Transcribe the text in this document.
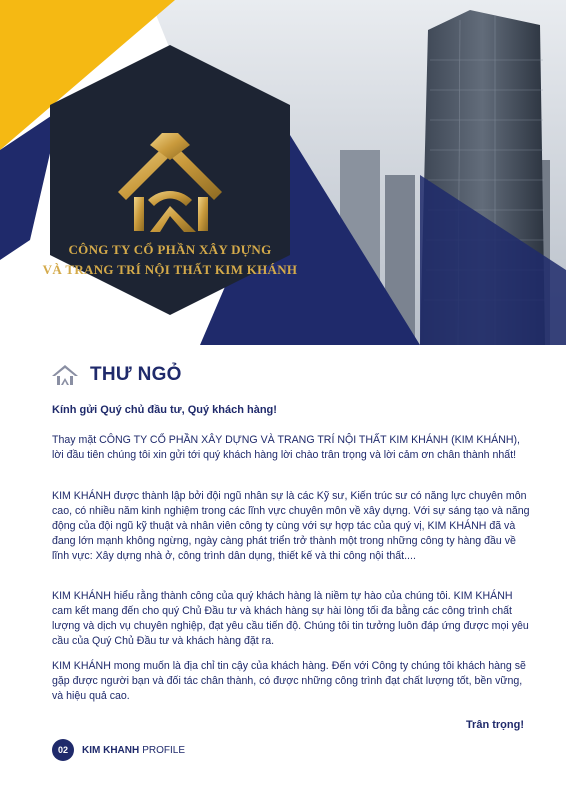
CÔNG TY CỔ PHẦN XÂY DỰNG
VÀ TRANG TRÍ NỘI THẤT KIM KHÁNH
THƯ NGỎ
Kính gửi Quý chủ đầu tư, Quý khách hàng!

Thay mặt CÔNG TY CỔ PHẦN XÂY DỰNG VÀ TRANG TRÍ NỘI THẤT KIM KHÁNH (KIM KHÁNH), lời đầu tiên chúng tôi xin gửi tới quý khách hàng lời chào trân trọng và lời cảm ơn chân thành nhất!

KIM KHÁNH được thành lập bởi đội ngũ nhân sự là các Kỹ sư, Kiến trúc sư có năng lực chuyên môn cao, có nhiều năm kinh nghiệm trong các lĩnh vực chuyên môn về xây dựng. Với sự sáng tạo và năng động của đội ngũ kỹ thuật và nhân viên công ty cùng với sự hợp tác của quý vị, KIM KHÁNH đã và đang lớn mạnh không ngừng, ngày càng phát triển trở thành một trong những công ty hàng đầu về lĩnh vực: Xây dựng nhà ở, công trình dân dụng, thiết kế và thi công nội thất....

KIM KHÁNH hiểu rằng thành công của quý khách hàng là niềm tự hào của chúng tôi. KIM KHÁNH cam kết mang đến cho quý Chủ Đầu tư và khách hàng sự hài lòng tối đa bằng các công trình chất lượng và dịch vụ chuyên nghiệp, đạt yêu cầu tiến độ. Chúng tôi tin tưởng luôn đáp ứng được mọi yêu cầu của Quý Chủ Đầu tư và khách hàng đặt ra.

KIM KHÁNH mong muốn là địa chỉ tin cậy của khách hàng. Đến với Công ty chúng tôi khách hàng sẽ gặp được người bạn và đối tác chân thành, có được những công trình đạt chất lượng tốt, bền vững, và hiệu quả cao.

Trân trọng!
02	KIM KHANH PROFILE
